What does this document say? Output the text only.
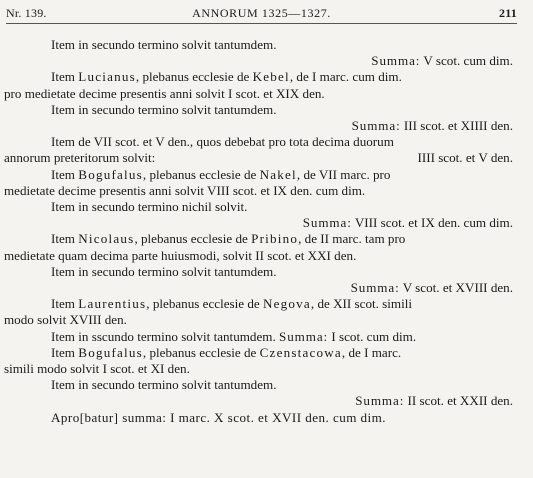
Nr. 139.	ANNORUM 1325—1327.	211
Item in secundo termino solvit tantumdem.
Summa: V scot. cum dim.
Item Lucianus, plebanus ecclesie de Kebel, de I marc. cum dim.
pro medietate decime presentis anni solvit I scot. et XIX den.
Item in secundo termino solvit tantumdem.
Summa: III scot. et XIIII den.
Item de VII scot. et V den., quos debebat pro tota decima duorum
annorum preteritorum solvit:	IIII scot. et V den.
Item Bogufalus, plebanus ecclesie de Nakel, de VII marc. pro
medietate decime presentis anni solvit VIII scot. et IX den. cum dim.
Item in secundo termino nichil solvit.
Summa: VIII scot. et IX den. cum dim.
Item Nicolaus, plebanus ecclesie de Pribino, de II marc. tam pro
medietate quam decima parte huiusmodi, solvit II scot. et XXI den.
Item in secundo termino solvit tantumdem.
Summa: V scot. et XVIII den.
Item Laurentius, plebanus ecclesie de Negova, de XII scot. simili
modo solvit XVIII den.
Item in sscundo termino solvit tantumdem. Summa: I scot. cum dim.
Item Bogufalus, plebanus ecclesie de Czenstacowa, de I marc.
simili modo solvit I scot. et XI den.
Item in secundo termino solvit tantumdem.
Summa: II scot. et XXII den.
Apro[batur] summa: I marc. X scot. et XVII den. cum dim.
